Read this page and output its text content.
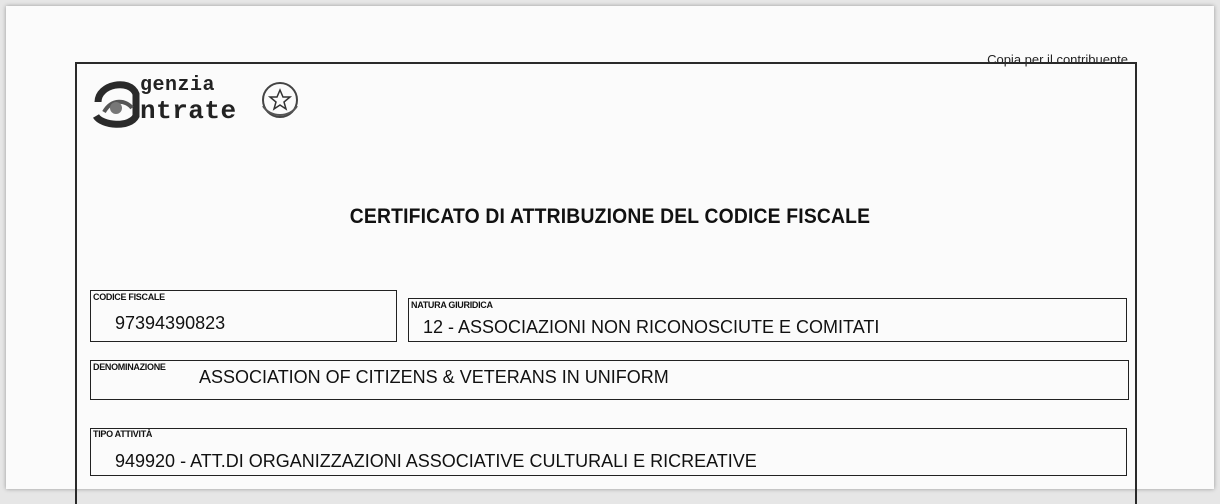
Copia per il contribuente
genzia
ntrate
CERTIFICATO DI ATTRIBUZIONE DEL CODICE FISCALE
CODICE FISCALE
97394390823
NATURA GIURIDICA
12 - ASSOCIAZIONI NON RICONOSCIUTE E COMITATI
DENOMINAZIONE ASSOCIATION OF CITIZENS & VETERANS IN UNIFORM
TIPO ATTIVITÀ
949920 - ATT.DI ORGANIZZAZIONI ASSOCIATIVE CULTURALI E RICREATIVE
